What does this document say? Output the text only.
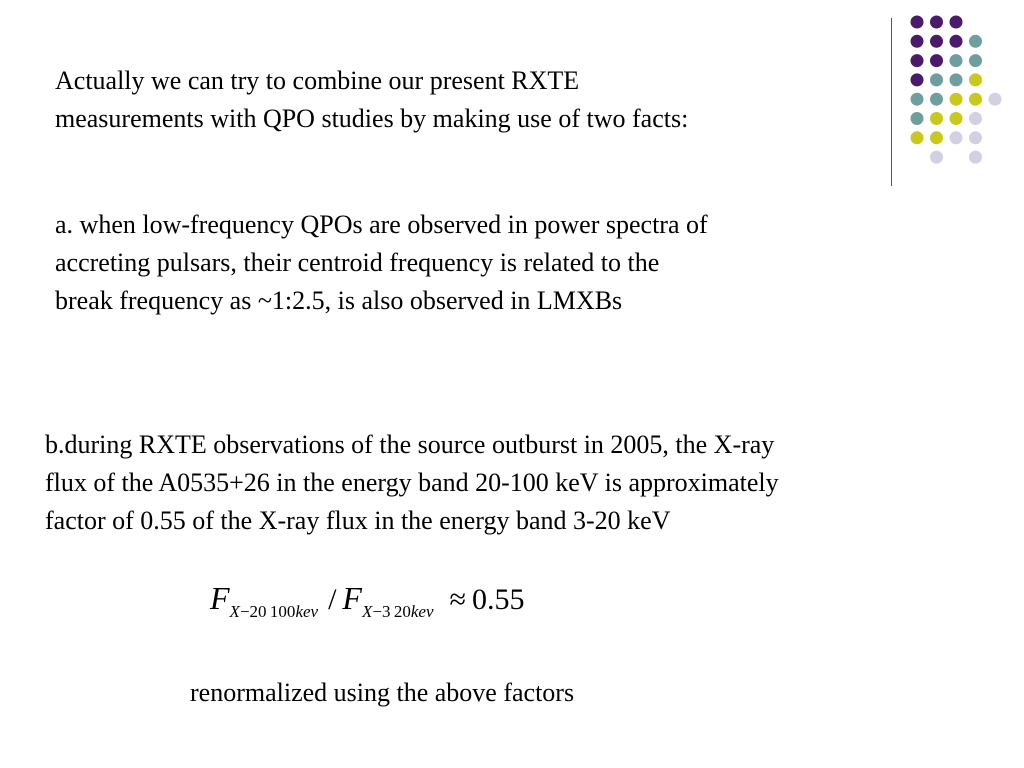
Actually we can try to combine our present RXTE
measurements with QPO studies by making use of two facts:

a. when low-frequency QPOs are observed in power spectra of
accreting pulsars, their centroid frequency is related to the
break frequency as ~1:2.5, is also observed in LMXBs

b.during RXTE observations of the source outburst in 2005, the X-ray
flux of the A0535+26 in the energy band 20-100 keV is approximately
factor of 0.55 of the X-ray flux in the energy band 3-20 keV

FX−20 100kev / FX−3 20kev ≈ 0.55

renormalized using the above factors
